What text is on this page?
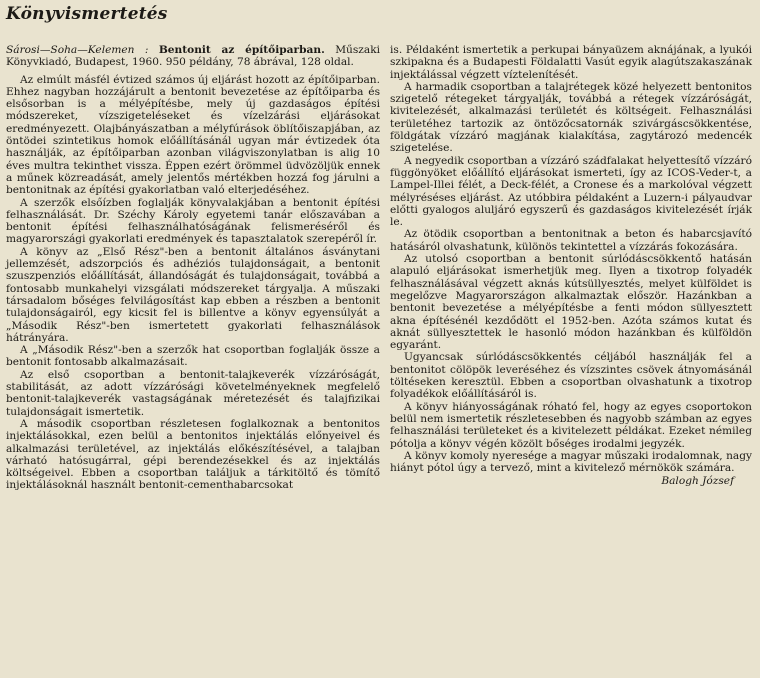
Könyvismertetés
Sárosi—Soha—Kelemen : Bentonit az építőiparban. Műszaki Könyvkiadó, Budapest, 1960. 950 példány, 78 ábrával, 128 oldal.

Az elmúlt másfél évtized számos új eljárást hozott az építőiparban. Ehhez nagyban hozzájárult a bentonit bevezetése az építőiparba és elsősorban is a mélyépítésbe, mely új gazdaságos építési módszereket, vízszigeteléseket és vízelzárási eljárásokat eredményezett. Olajbányászatban a mélyfúrások öblítőiszapjában, az öntödei szintetikus homok előállításánál ugyan már évtizedek óta használják, az építőiparban azonban világviszonylatban is alig 10 éves multra tekinthet vissza. Éppen ezért örömmel üdvözöljük ennek a műnek közreadását, amely jelentős mértékben hozzá fog járulni a bentonitnak az építési gyakorlatban való elterjedéséhez.

A szerzők elsőízben foglalják könyvalakjában a bentonit építési felhasználását. Dr. Széchy Károly egyetemi tanár előszavában a bentonit építési felhasználhatóságának felismeréséről és magyarországi gyakorlati eredmények és tapasztalatok szerepéről ír.

A könyv az „Első Rész"-ben a bentonit általános ásványtani jellemzését, adszorpciós és adhéziós tulajdonságait, a bentonit szuszpenziós előállítását, állandóságát és tulajdonságait, továbbá a fontosabb munkahelyi vizsgálati módszereket tárgyalja. A műszaki társadalom bőséges felvilágosítást kap ebben a részben a bentonit tulajdonságairól, egy kicsit fel is billentve a könyv egyensúlyát a „Második Rész"-ben ismertetett gyakorlati felhasználások hátrányára.

A „Második Rész"-ben a szerzők hat csoportban foglalják össze a bentonit fontosabb alkalmazásait.

Az első csoportban a bentonit-talajkeverék vízzáróságát, stabilitását, az adott vízzárósági követelményeknek megfelelő bentonit-talajkeverék vastagságának méretezését és talajfizikai tulajdonságait ismertetik.

A második csoportban részletesen foglalkoznak a bentonitos injektálásokkal, ezen belül a bentonitos injektálás előnyeivel és alkalmazási területével, az injektálás előkészítésével, a talajban várható hatósugárral, gépi berendezésekkel és az injektálás költségeivel. Ebben a csoportban találjuk a tárkitöltő és tömítő injektálásoknál használt bentonit-cementhabarcsokat

is. Példaként ismertetik a perkupai bányaüzem aknájának, a lyukói szkipakna és a Budapesti Földalatti Vasút egyik alagútszakaszának injektálással végzett víztelenítését.

A harmadik csoportban a talajrétegek közé helyezett bentonitos szigetelő rétegeket tárgyalják, továbbá a rétegek vízzáróságát, kivitelezését, alkalmazási területét és költségeit. Felhasználási területéhez tartozik az öntözőcsatornák szivárgáscsökkentése, földgátak vízzáró magjának kialakítása, zagytározó medencék szigetelése.

A negyedik csoportban a vízzáró szádfalakat helyettesítő vízzáró függönyöket előállító eljárásokat ismerteti, így az ICOS-Veder-t, a Lampel-Illei félét, a Deck-félét, a Cronese és a markolóval végzett mélyréséses eljárást. Az utóbbira példaként a Luzern-i pályaudvar előtti gyalogos aluljáró egyszerű és gazdaságos kivitelezését írják le.

Az ötödik csoportban a bentonitnak a beton és habarcsjavító hatásáról olvashatunk, különös tekintettel a vízzárás fokozására.

Az utolsó csoportban a bentonit súrlódáscsökkentő hatásán alapuló eljárásokat ismerhetjük meg. Ilyen a tixotrop folyadék felhasználásával végzett aknás kútsüllyesztés, melyet külföldet is megelőzve Magyarországon alkalmaztak először. Hazánkban a bentonit bevezetése a mélyépítésbe a fenti módon süllyesztett akna építésénél kezdődött el 1952-ben. Azóta számos kutat és aknát süllyesztettek le hasonló módon hazánkban és külföldön egyaránt.

Ugyancsak súrlódáscsökkentés céljából használják fel a bentonitot cölöpök leveréséhez és vízszintes csövek átnyomásánál töltéseken keresztül. Ebben a csoportban olvashatunk a tixotrop folyadékok előállításáról is.

A könyv hiányosságának róható fel, hogy az egyes csoportokon belül nem ismertetik részletesebben és nagyobb számban az egyes felhasználási területeket és a kivitelezett példákat. Ezeket némileg pótolja a könyv végén közölt bőséges irodalmi jegyzék.

A könyv komoly nyeresége a magyar műszaki irodalomnak, nagy hiányt pótol úgy a tervező, mint a kivitelező mérnökök számára.

Balogh József
